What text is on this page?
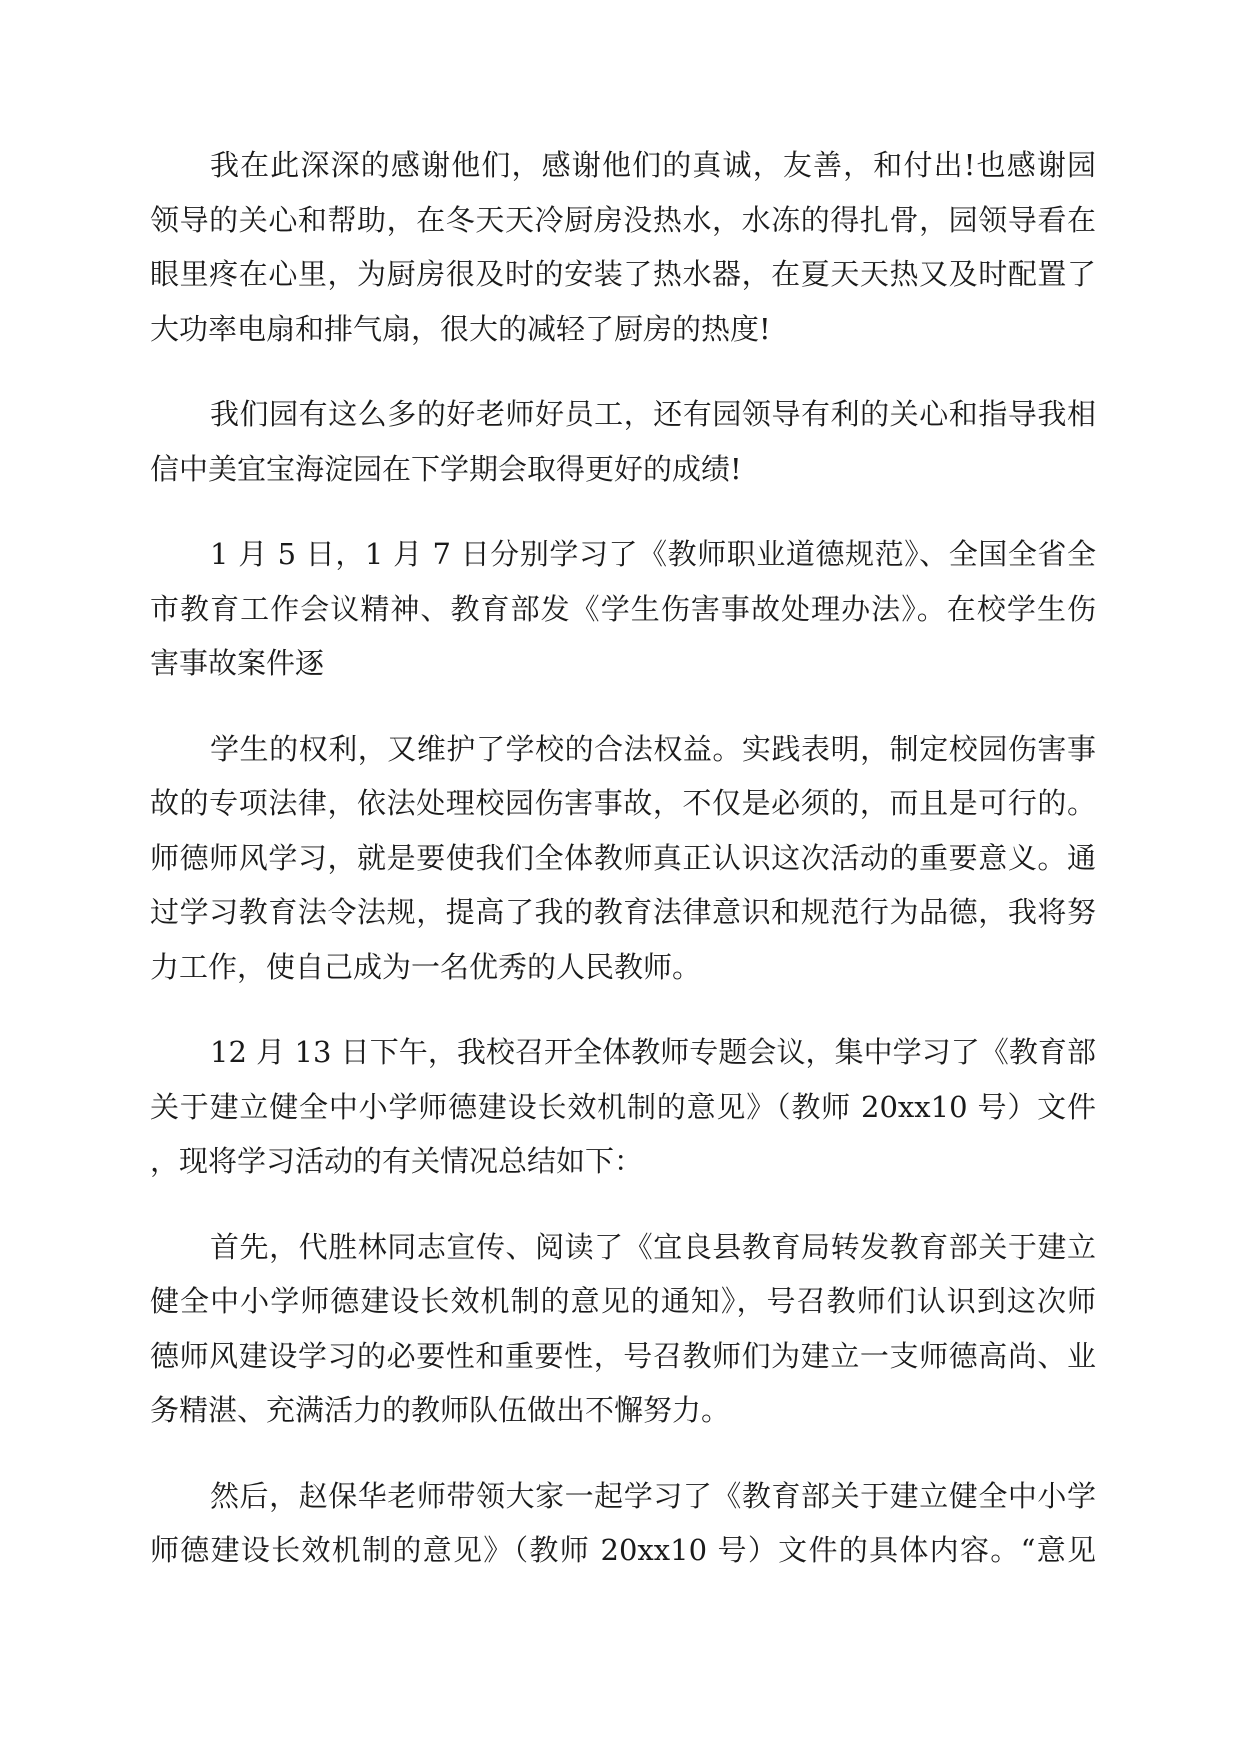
我在此深深的感谢他们，感谢他们的真诚，友善，和付出!也感谢园
领导的关心和帮助，在冬天天冷厨房没热水，水冻的得扎骨，园领导看在
眼里疼在心里，为厨房很及时的安装了热水器，在夏天天热又及时配置了
大功率电扇和排气扇，很大的减轻了厨房的热度!

我们园有这么多的好老师好员工，还有园领导有利的关心和指导我相
信中美宜宝海淀园在下学期会取得更好的成绩!

1 月 5 日，1 月 7 日分别学习了《教师职业道德规范》、全国全省全
市教育工作会议精神、教育部发《学生伤害事故处理办法》。在校学生伤
害事故案件逐

学生的权利，又维护了学校的合法权益。实践表明，制定校园伤害事
故的专项法律，依法处理校园伤害事故，不仅是必须的，而且是可行的。
师德师风学习，就是要使我们全体教师真正认识这次活动的重要意义。通
过学习教育法令法规，提高了我的教育法律意识和规范行为品德，我将努
力工作，使自己成为一名优秀的人民教师。

12 月 13 日下午，我校召开全体教师专题会议，集中学习了《教育部
关于建立健全中小学师德建设长效机制的意见》（教师 20xx10 号）文件
，现将学习活动的有关情况总结如下：

首先，代胜林同志宣传、阅读了《宜良县教育局转发教育部关于建立
健全中小学师德建设长效机制的意见的通知》，号召教师们认识到这次师
德师风建设学习的必要性和重要性，号召教师们为建立一支师德高尚、业
务精湛、充满活力的教师队伍做出不懈努力。

然后，赵保华老师带领大家一起学习了《教育部关于建立健全中小学
师德建设长效机制的意见》（教师 20xx10 号）文件的具体内容。“意见
